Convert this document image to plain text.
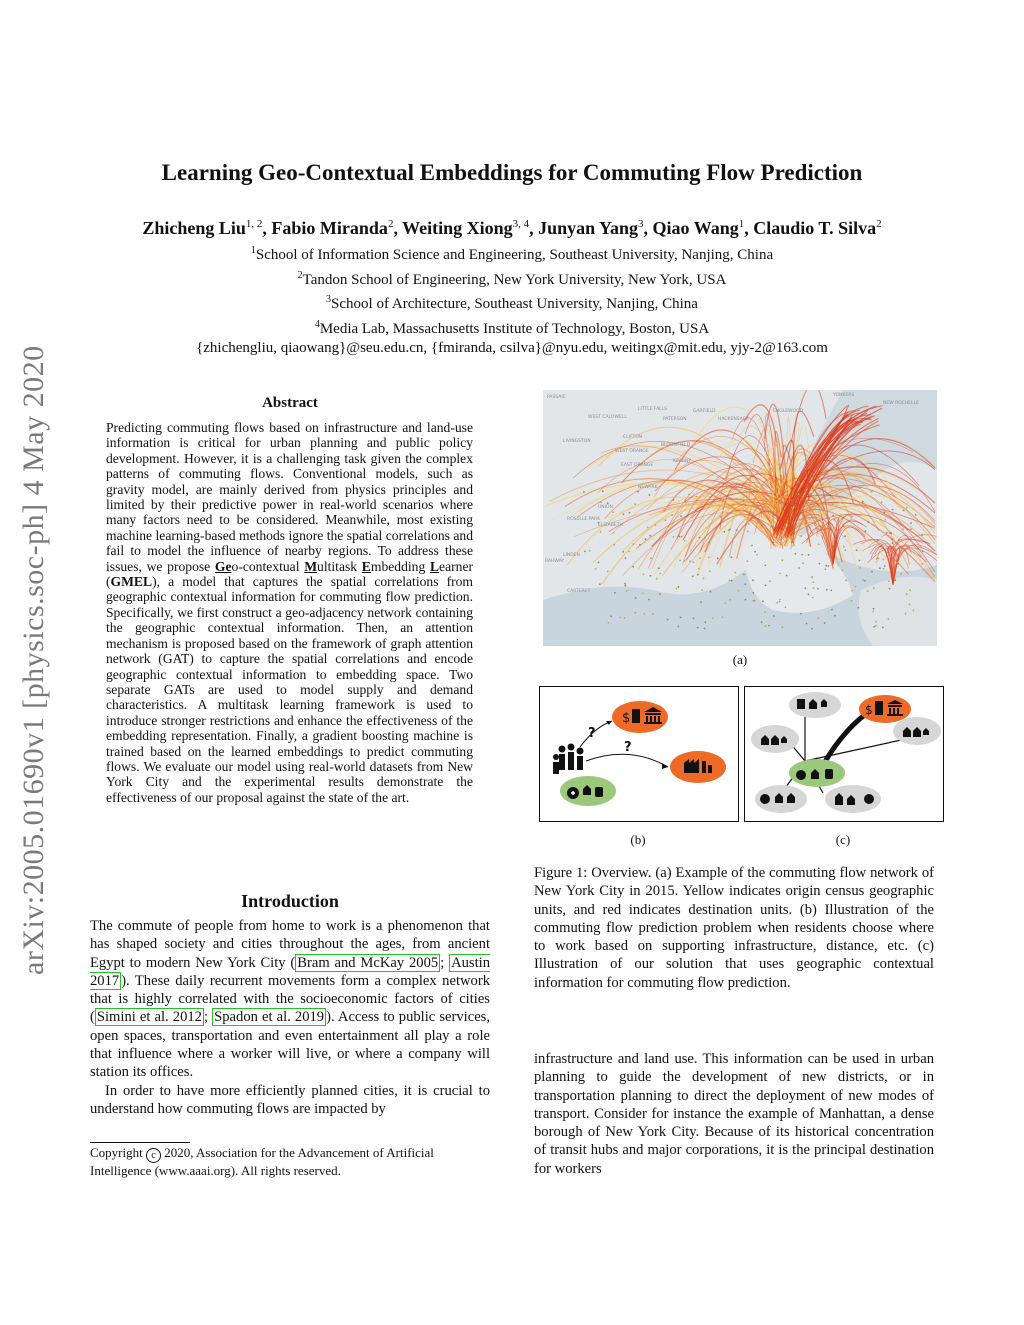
arXiv:2005.01690v1 [physics.soc-ph] 4 May 2020
Learning Geo-Contextual Embeddings for Commuting Flow Prediction
Zhicheng Liu$^{1, 2}$, Fabio Miranda$^2$, Weiting Xiong$^{3, 4}$, Junyan Yang$^3$, Qiao Wang$^1$, Claudio T. Silva$^2$
$^1$School of Information Science and Engineering, Southeast University, Nanjing, China
$^2$Tandon School of Engineering, New York University, New York, USA
$^3$School of Architecture, Southeast University, Nanjing, China
$^4$Media Lab, Massachusetts Institute of Technology, Boston, USA
{zhichengliu, qiaowang}@seu.edu.cn, {fmiranda, csilva}@nyu.edu, weitingx@mit.edu, yjy-2@163.com
Abstract
Predicting commuting flows based on infrastructure and land-use information is critical for urban planning and public policy development. However, it is a challenging task given the complex patterns of commuting flows. Conventional models, such as gravity model, are mainly derived from physics principles and limited by their predictive power in real-world scenarios where many factors need to be considered. Meanwhile, most existing machine learning-based methods ignore the spatial correlations and fail to model the influence of nearby regions. To address these issues, we propose Geo-contextual Multitask Embedding Learner (GMEL), a model that captures the spatial correlations from geographic contextual information for commuting flow prediction. Specifically, we first construct a geo-adjacency network containing the geographic contextual information. Then, an attention mechanism is proposed based on the framework of graph attention network (GAT) to capture the spatial correlations and encode geographic contextual information to embedding space. Two separate GATs are used to model supply and demand characteristics. A multitask learning framework is used to introduce stronger restrictions and enhance the effectiveness of the embedding representation. Finally, a gradient boosting machine is trained based on the learned embeddings to predict commuting flows. We evaluate our model using real-world datasets from New York City and the experimental results demonstrate the effectiveness of our proposal against the state of the art.
Introduction

The commute of people from home to work is a phenomenon that has shaped society and cities throughout the ages, from ancient Egypt to modern New York City ( Bram and McKay 2005 ; Austin 2017 ). These daily recurrent movements form a complex network that is highly correlated with the socioeconomic factors of cities ( Simini et al. 2012 ; Spadon et al. 2019 ). Access to public services, open spaces, transportation and even entertainment all play a role that influence where a worker will live, or where a company will station its offices.

In order to have more efficiently planned cities, it is crucial to understand how commuting flows are impacted by

Copyright c 2020, Association for the Advancement of Artificial Intelligence (www.aaai.org). All rights reserved.
PASSAIC
LITTLE FALLS	GARFIELD
HACKENSACK
ENGLEWOOD
NEW ROCHELLE
WEST CALDWELL
CLIFTON
PATERSON
LIVINGSTON
WEST ORANGE
BLOOMFIELD
EAST ORANGE
NEWARK
KEARNY
UNION
ELIZABETH
ROSELLE PARK
LINDEN
CARTERET
RAHWAY
YONKERS
(a)
$
?
?
(b)
$
(c)
Figure 1: Overview. (a) Example of the commuting flow network of New York City in 2015. Yellow indicates origin census geographic units, and red indicates destination units. (b) Illustration of the commuting flow prediction problem when residents choose where to work based on supporting infrastructure, distance, etc. (c) Illustration of our solution that uses geographic contextual information for commuting flow prediction.
infrastructure and land use. This information can be used in urban planning to guide the development of new districts, or in transportation planning to direct the deployment of new modes of transport. Consider for instance the example of Manhattan, a dense borough of New York City. Because of its historical concentration of transit hubs and major corporations, it is the principal destination for workers
